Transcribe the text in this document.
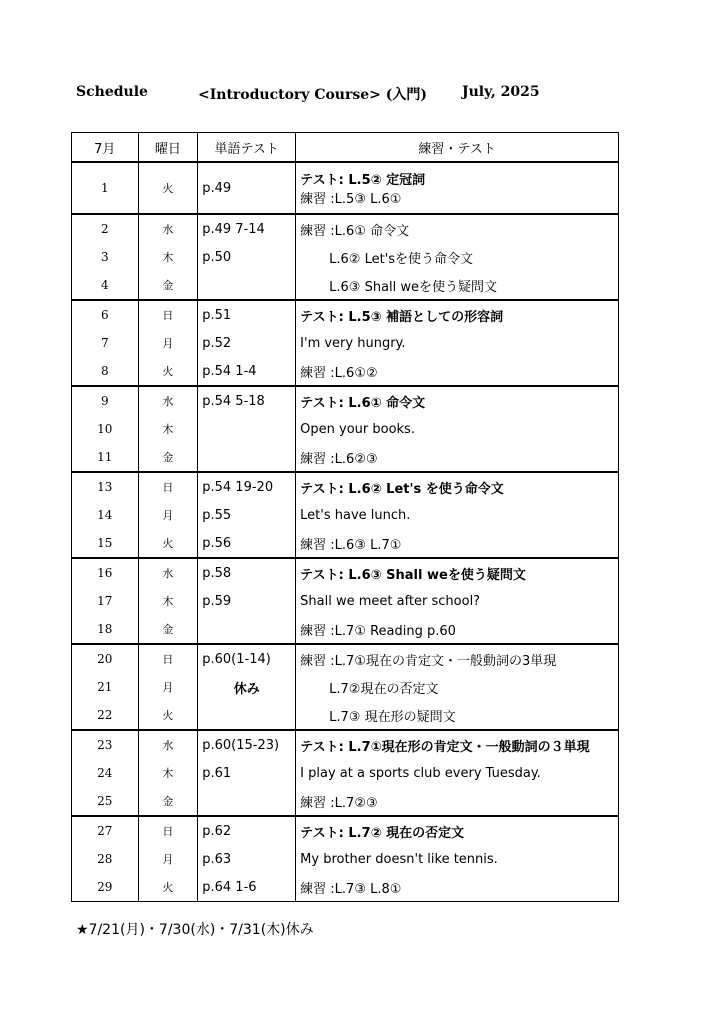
Schedule	<Introductory Course> (入門)	July, 2025
7月	曜日	単語テスト	練習・テスト
1	火	p.49	テスト: L.5② 定冠詞
練習 :L.5③ L.6①

2	水	p.49 7-14	練習 :L.6① 命令文
3	木	p.50	L.6② Let'sを使う命令文
4	金		L.6③ Shall weを使う疑問文
6	日	p.51	テスト: L.5③ 補語としての形容詞
7	月	p.52	I'm very hungry.
8	火	p.54 1-4	練習 :L.6①②
9	水	p.54 5-18	テスト: L.6① 命令文
10	木		Open your books.
11	金		練習 :L.6②③
13	日	p.54 19-20	テスト: L.6② Let's を使う命令文
14	月	p.55	Let's have lunch.
15	火	p.56	練習 :L.6③ L.7①
16	水	p.58	テスト: L.6③ Shall weを使う疑問文
17	木	p.59	Shall we meet after school?
18	金		練習 :L.7① Reading p.60
20	日	p.60(1-14)	練習 :L.7①現在の肯定文・一般動詞の3単現
21	月	休み	L.7②現在の否定文
22	火		L.7③ 現在形の疑問文
23	水	p.60(15-23)	テスト: L.7①現在形の肯定文・一般動詞の３単現
24	木	p.61	I play at a sports club every Tuesday.
25	金		練習 :L.7②③
27	日	p.62	テスト: L.7② 現在の否定文
28	月	p.63	My brother doesn't like tennis.
29	火	p.64 1-6	練習 :L.7③ L.8①
★7/21(月)・7/30(水)・7/31(木)休み
